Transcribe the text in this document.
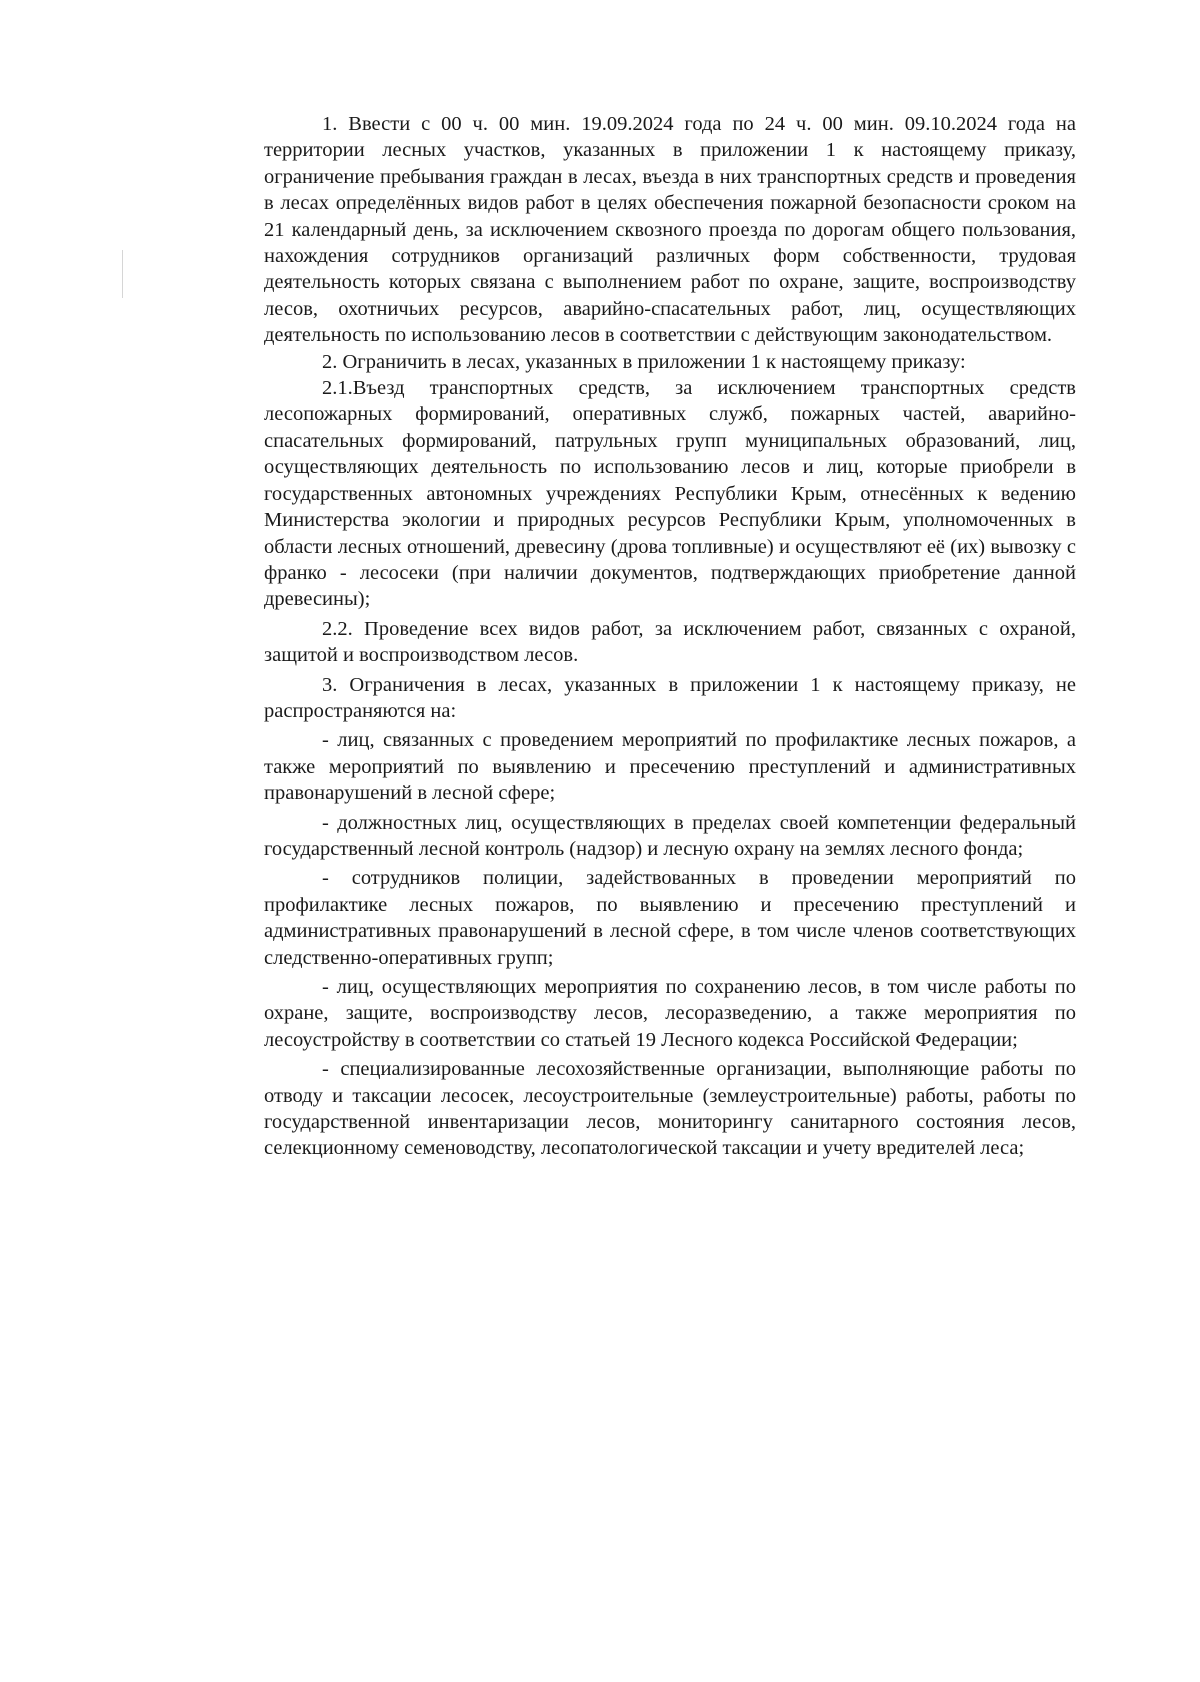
1. Ввести с 00 ч. 00 мин. 19.09.2024 года по 24 ч. 00 мин. 09.10.2024 года на территории лесных участков, указанных в приложении 1 к настоящему приказу, ограничение пребывания граждан в лесах, въезда в них транспортных средств и проведения в лесах определённых видов работ в целях обеспечения пожарной безопасности сроком на 21 календарный день, за исключением сквозного проезда по дорогам общего пользования, нахождения сотрудников организаций различных форм собственности, трудовая деятельность которых связана с выполнением работ по охране, защите, воспроизводству лесов, охотничьих ресурсов, аварийно-спасательных работ, лиц, осуществляющих деятельность по использованию лесов в соответствии с действующим законодательством.

2. Ограничить в лесах, указанных в приложении 1 к настоящему приказу:

2.1.Въезд транспортных средств, за исключением транспортных средств лесопожарных формирований, оперативных служб, пожарных частей, аварийно-спасательных формирований, патрульных групп муниципальных образований, лиц, осуществляющих деятельность по использованию лесов и лиц, которые приобрели в государственных автономных учреждениях Республики Крым, отнесённых к ведению Министерства экологии и природных ресурсов Республики Крым, уполномоченных в области лесных отношений, древесину (дрова топливные) и осуществляют её (их) вывозку с франко - лесосеки (при наличии документов, подтверждающих приобретение данной древесины);

2.2. Проведение всех видов работ, за исключением работ, связанных с охраной, защитой и воспроизводством лесов.

3. Ограничения в лесах, указанных в приложении 1 к настоящему приказу, не распространяются на:

- лиц, связанных с проведением мероприятий по профилактике лесных пожаров, а также мероприятий по выявлению и пресечению преступлений и административных правонарушений в лесной сфере;

- должностных лиц, осуществляющих в пределах своей компетенции федеральный государственный лесной контроль (надзор) и лесную охрану на землях лесного фонда;

- сотрудников полиции, задействованных в проведении мероприятий по профилактике лесных пожаров, по выявлению и пресечению преступлений и административных правонарушений в лесной сфере, в том числе членов соответствующих следственно-оперативных групп;

- лиц, осуществляющих мероприятия по сохранению лесов, в том числе работы по охране, защите, воспроизводству лесов, лесоразведению, а также мероприятия по лесоустройству в соответствии со статьей 19 Лесного кодекса Российской Федерации;

- специализированные лесохозяйственные организации, выполняющие работы по отводу и таксации лесосек, лесоустроительные (землеустроительные) работы, работы по государственной инвентаризации лесов, мониторингу санитарного состояния лесов, селекционному семеноводству, лесопатологической таксации и учету вредителей леса;
